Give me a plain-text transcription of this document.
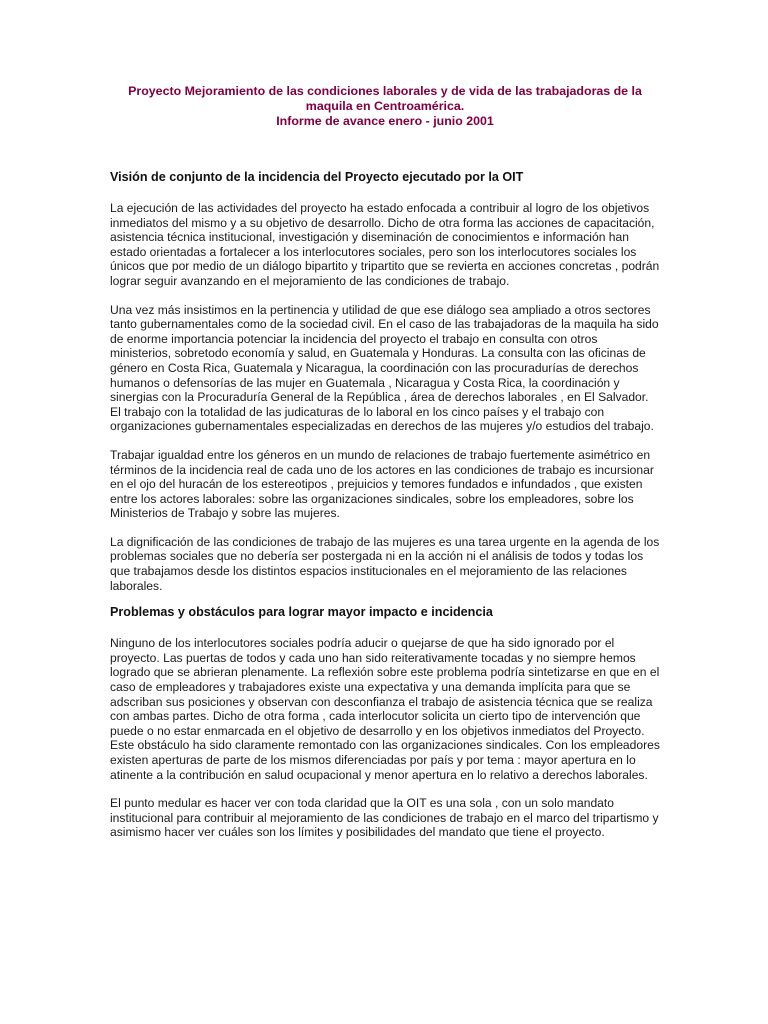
Proyecto Mejoramiento de las condiciones laborales y de vida de las trabajadoras de la
maquila en Centroamérica.
Informe de avance enero - junio 2001
Visión de conjunto de la incidencia del Proyecto ejecutado por la OIT

La ejecución de las actividades del proyecto ha estado enfocada a contribuir al logro de los objetivos inmediatos del mismo y a su objetivo de desarrollo. Dicho de otra forma las acciones de capacitación, asistencia técnica institucional, investigación y diseminación de conocimientos e información han estado orientadas a fortalecer a los interlocutores sociales, pero son los interlocutores sociales los únicos que por medio de un diálogo bipartito y tripartito que se revierta en acciones concretas , podrán lograr seguir avanzando en el mejoramiento de las condiciones de trabajo.

Una vez más insistimos en la pertinencia y utilidad de que ese diálogo sea ampliado a otros sectores tanto gubernamentales como de la sociedad civil. En el caso de las trabajadoras de la maquila ha sido de enorme importancia potenciar la incidencia del proyecto el trabajo en consulta con otros ministerios, sobretodo economía y salud, en Guatemala y Honduras. La consulta con las oficinas de género en Costa Rica, Guatemala y Nicaragua, la coordinación con las procuradurías de derechos humanos o defensorías de las mujer en Guatemala , Nicaragua y Costa Rica, la coordinación y sinergias con la Procuraduría General de la República , área de derechos laborales , en El Salvador. El trabajo con la totalidad de las judicaturas de lo laboral en los cinco países y el trabajo con organizaciones gubernamentales especializadas en derechos de las mujeres y/o estudios del trabajo.

Trabajar igualdad entre los géneros en un mundo de relaciones de trabajo fuertemente asimétrico en términos de la incidencia real de cada uno de los actores en las condiciones de trabajo es incursionar en el ojo del huracán de los estereotipos , prejuicios y temores fundados e infundados , que existen entre los actores laborales: sobre las organizaciones sindicales, sobre los empleadores, sobre los Ministerios de Trabajo y sobre las mujeres.

La dignificación de las condiciones de trabajo de las mujeres es una tarea urgente en la agenda de los problemas sociales que no debería ser postergada ni en la acción ni el análisis de todos y todas los que trabajamos desde los distintos espacios institucionales en el mejoramiento de las relaciones laborales.

Problemas y obstáculos para lograr mayor impacto e incidencia

Ninguno de los interlocutores sociales podría aducir o quejarse de que ha sido ignorado por el proyecto. Las puertas de todos y cada uno han sido reiterativamente tocadas y no siempre hemos logrado que se abrieran plenamente. La reflexión sobre este problema podría sintetizarse en que en el caso de empleadores y trabajadores existe una expectativa y una demanda implícita para que se adscriban sus posiciones y observan con desconfianza el trabajo de asistencia técnica que se realiza con ambas partes. Dicho de otra forma , cada interlocutor solicita un cierto tipo de intervención que puede o no estar enmarcada en el objetivo de desarrollo y en los objetivos inmediatos del Proyecto. Este obstáculo ha sido claramente remontado con las organizaciones sindicales. Con los empleadores existen aperturas de parte de los mismos diferenciadas por país y por tema : mayor apertura en lo atinente a la contribución en salud ocupacional y menor apertura en lo relativo a derechos laborales.

El punto medular es hacer ver con toda claridad que la OIT es una sola , con un solo mandato institucional para contribuir al mejoramiento de las condiciones de trabajo en el marco del tripartismo y asimismo hacer ver cuáles son los límites y posibilidades del mandato que tiene el proyecto.
